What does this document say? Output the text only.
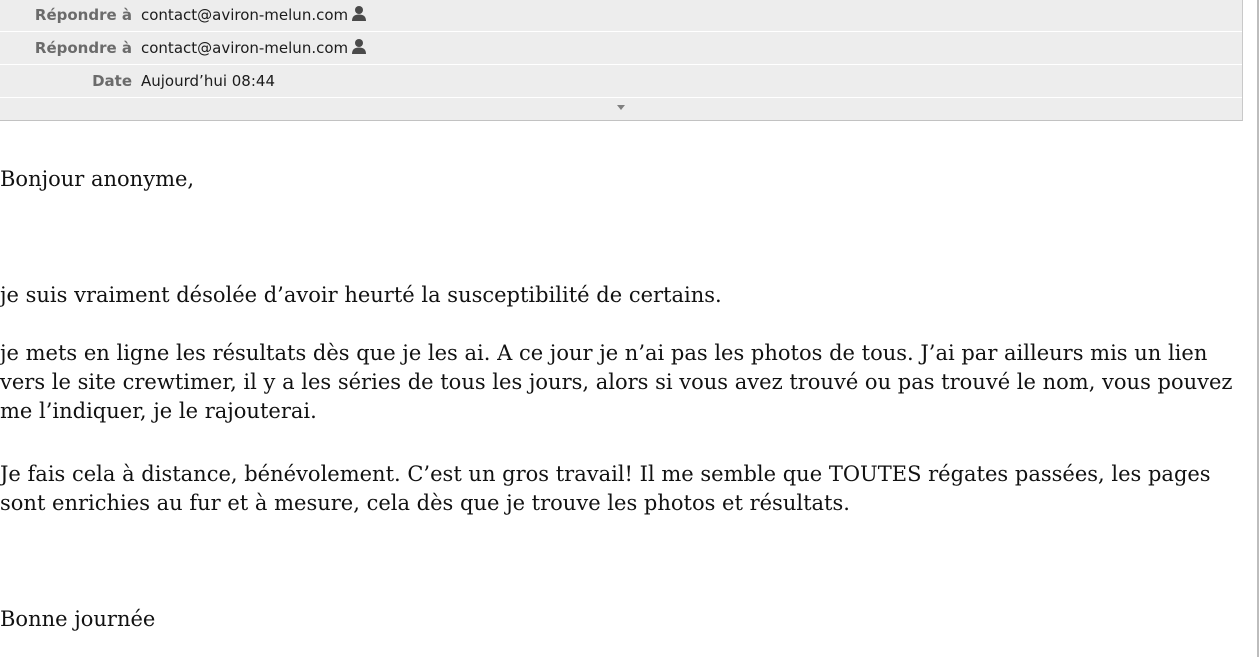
Répondre à contact@aviron-melun.com
Répondre à contact@aviron-melun.com
Date Aujourd’hui 08:44

Bonjour anonyme,

je suis vraiment désolée d’avoir heurté la susceptibilité de certains.

je mets en ligne les résultats dès que je les ai. A ce jour je n’ai pas les photos de tous. J’ai par ailleurs mis un lien vers le site crewtimer, il y a les séries de tous les jours, alors si vous avez trouvé ou pas trouvé le nom, vous pouvez me l’indiquer, je le rajouterai.

Je fais cela à distance, bénévolement. C’est un gros travail! Il me semble que TOUTES régates passées, les pages sont enrichies au fur et à mesure, cela dès que je trouve les photos et résultats.

Bonne journée
